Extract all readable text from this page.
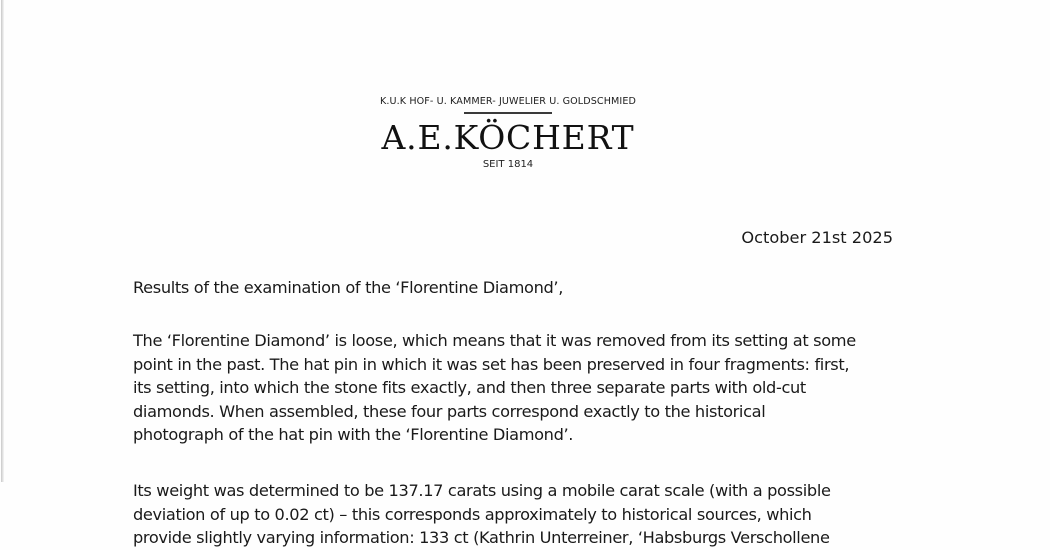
K.U.K HOF- U. KAMMER- JUWELIER U. GOLDSCHMIED
A.E.KÖCHERT
SEIT 1814
October 21st 2025
Results of the examination of the ‘Florentine Diamond’,
The ‘Florentine Diamond’ is loose, which means that it was removed from its setting at some
point in the past. The hat pin in which it was set has been preserved in four fragments: first,
its setting, into which the stone fits exactly, and then three separate parts with old-cut
diamonds. When assembled, these four parts correspond exactly to the historical
photograph of the hat pin with the ‘Florentine Diamond’.
Its weight was determined to be 137.17 carats using a mobile carat scale (with a possible
deviation of up to 0.02 ct) – this corresponds approximately to historical sources, which
provide slightly varying information: 133 ct (Kathrin Unterreiner, ‘Habsburgs Verschollene
